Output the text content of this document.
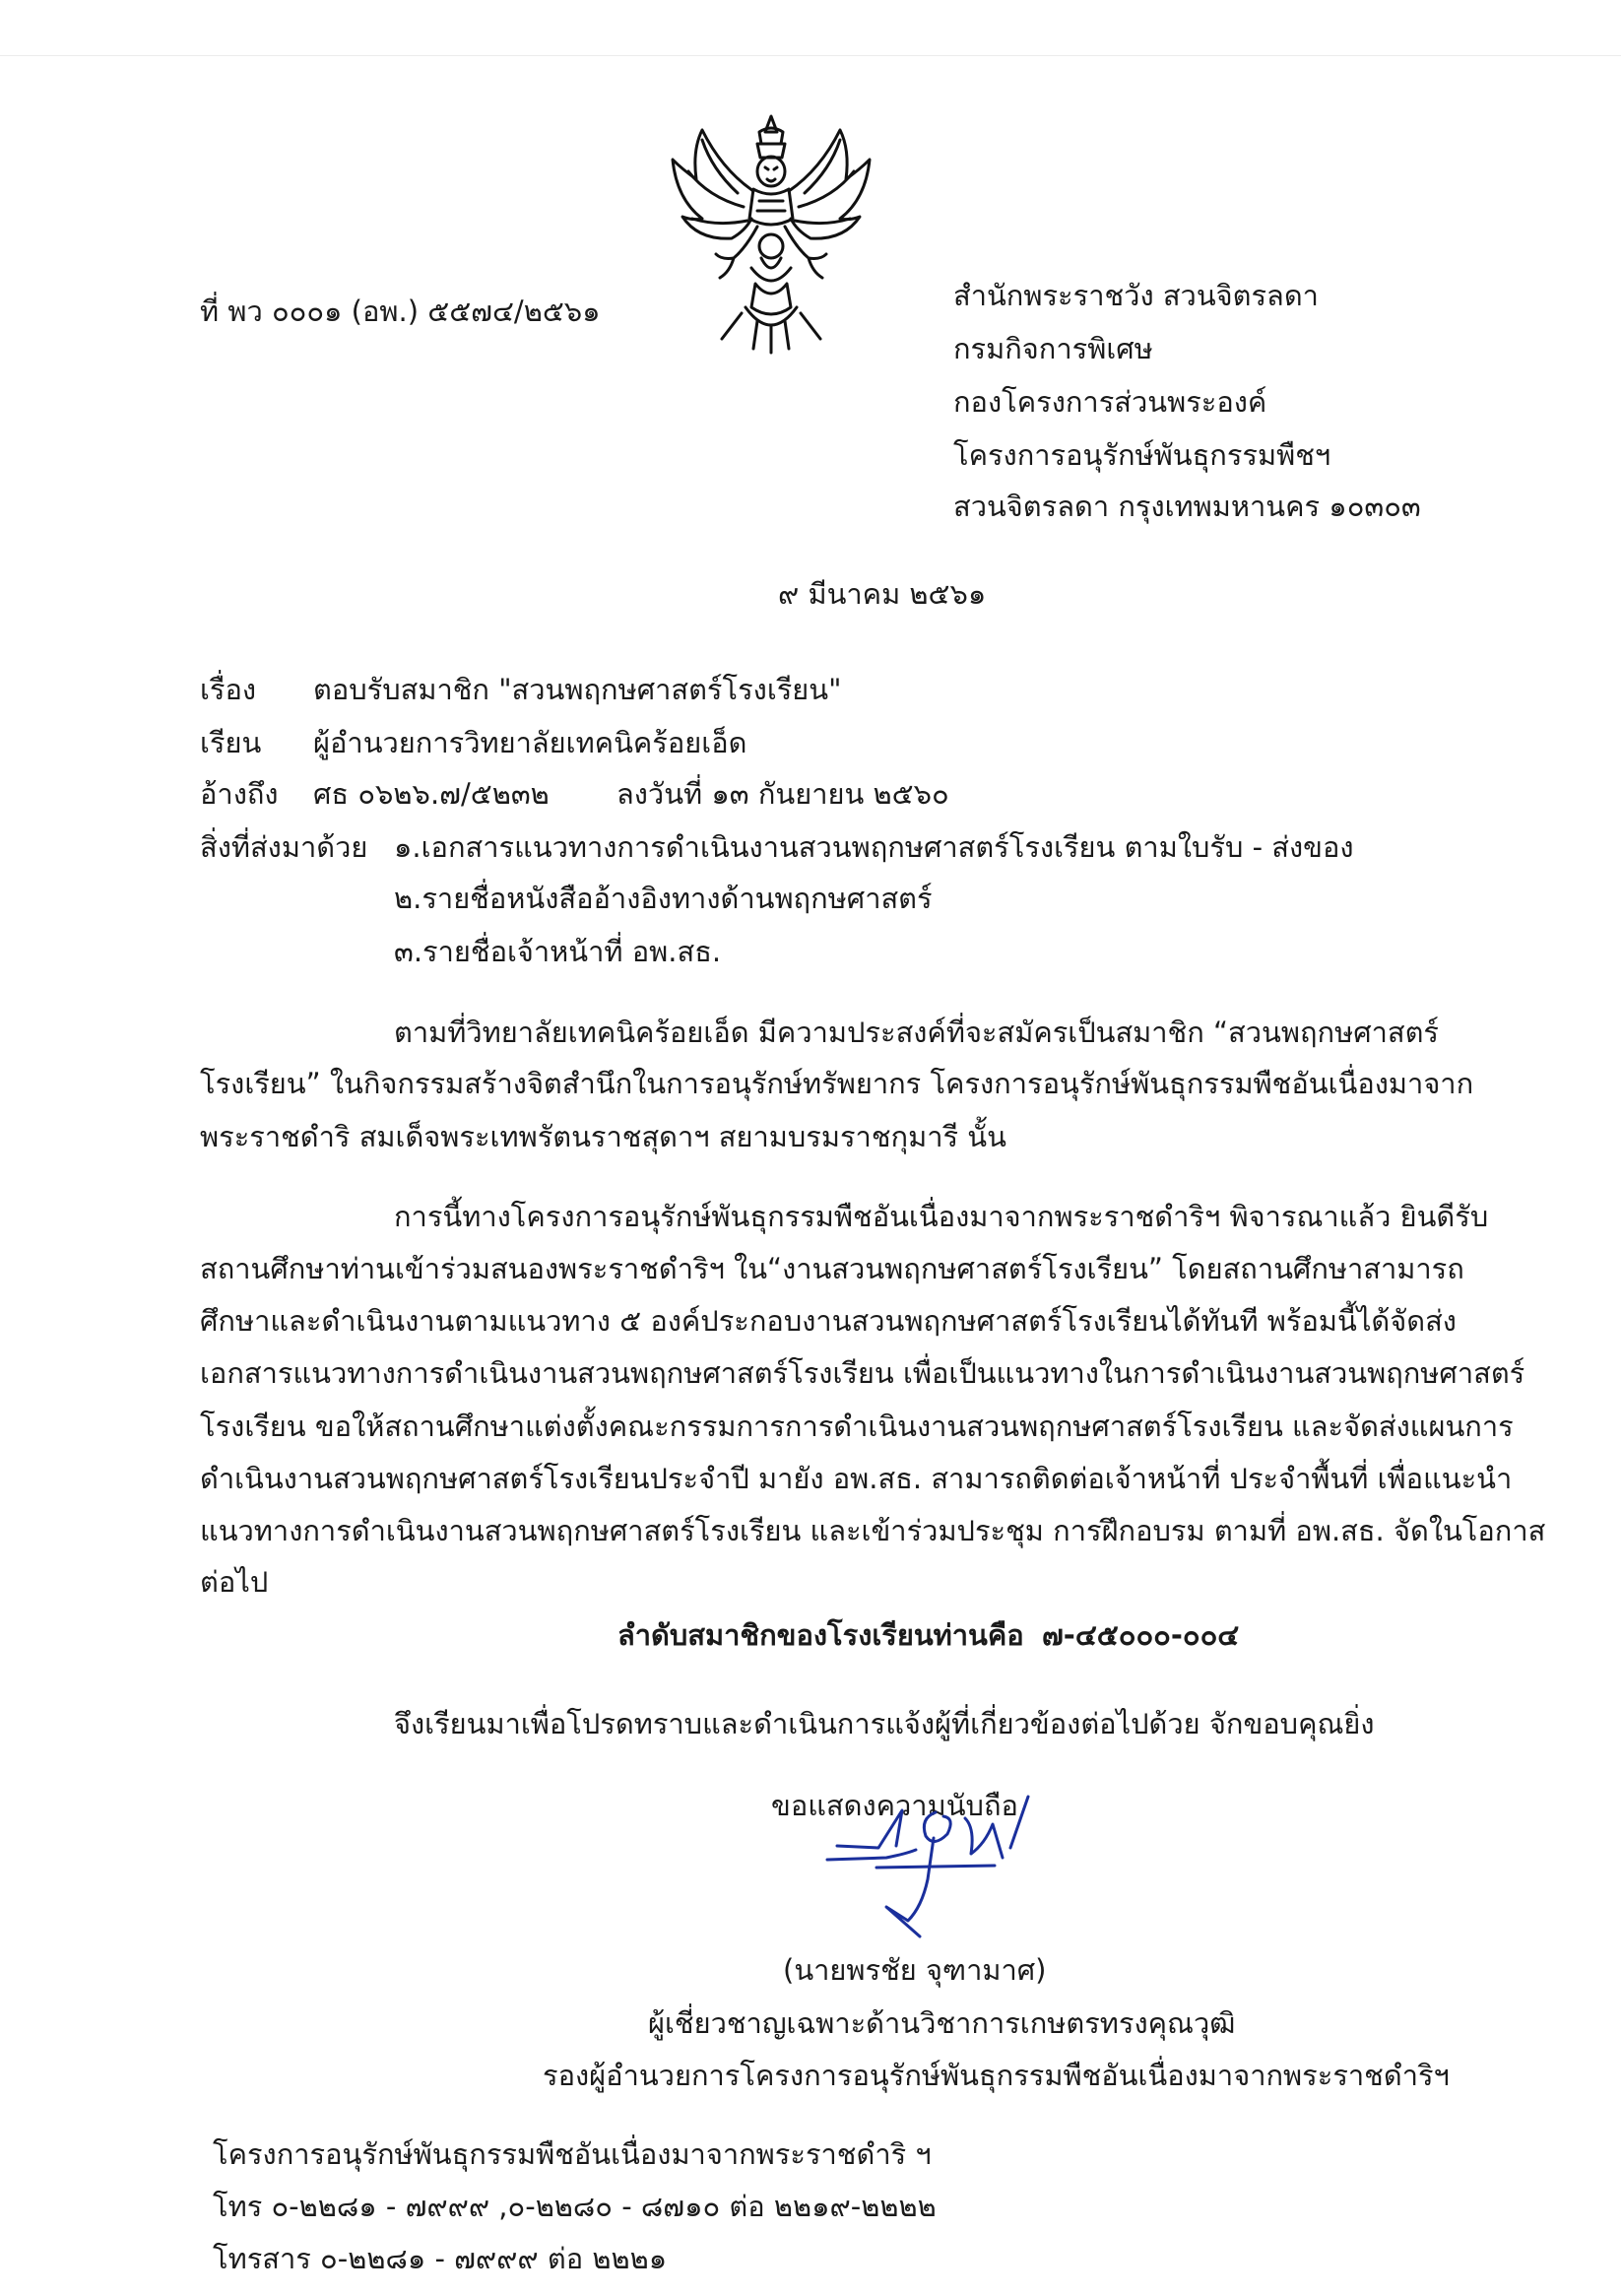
ที่ พว ๐๐๐๑ (อพ.) ๕๕๗๔/๒๕๖๑	สำนักพระราชวัง สวนจิตรลดา
กรมกิจการพิเศษ
กองโครงการส่วนพระองค์
โครงการอนุรักษ์พันธุกรรมพืชฯ
สวนจิตรลดา กรุงเทพมหานคร ๑๐๓๐๓
๙ มีนาคม ๒๕๖๑
เรื่อง ตอบรับสมาชิก "สวนพฤกษศาสตร์โรงเรียน"
เรียน ผู้อำนวยการวิทยาลัยเทคนิคร้อยเอ็ด
อ้างถึง ศธ ๐๖๒๖.๗/๕๒๓๒ ลงวันที่ ๑๓ กันยายน ๒๕๖๐
สิ่งที่ส่งมาด้วย ๑.เอกสารแนวทางการดำเนินงานสวนพฤกษศาสตร์โรงเรียน ตามใบรับ - ส่งของ
๒.รายชื่อหนังสืออ้างอิงทางด้านพฤกษศาสตร์
๓.รายชื่อเจ้าหน้าที่ อพ.สธ.
ตามที่วิทยาลัยเทคนิคร้อยเอ็ด มีความประสงค์ที่จะสมัครเป็นสมาชิก “สวนพฤกษศาสตร์
โรงเรียน” ในกิจกรรมสร้างจิตสำนึกในการอนุรักษ์ทรัพยากร โครงการอนุรักษ์พันธุกรรมพืชอันเนื่องมาจาก
พระราชดำริ สมเด็จพระเทพรัตนราชสุดาฯ สยามบรมราชกุมารี นั้น
การนี้ทางโครงการอนุรักษ์พันธุกรรมพืชอันเนื่องมาจากพระราชดำริฯ พิจารณาแล้ว ยินดีรับ
สถานศึกษาท่านเข้าร่วมสนองพระราชดำริฯ ใน“งานสวนพฤกษศาสตร์โรงเรียน” โดยสถานศึกษาสามารถ
ศึกษาและดำเนินงานตามแนวทาง ๕ องค์ประกอบงานสวนพฤกษศาสตร์โรงเรียนได้ทันที พร้อมนี้ได้จัดส่ง
เอกสารแนวทางการดำเนินงานสวนพฤกษศาสตร์โรงเรียน เพื่อเป็นแนวทางในการดำเนินงานสวนพฤกษศาสตร์
โรงเรียน ขอให้สถานศึกษาแต่งตั้งคณะกรรมการการดำเนินงานสวนพฤกษศาสตร์โรงเรียน และจัดส่งแผนการ
ดำเนินงานสวนพฤกษศาสตร์โรงเรียนประจำปี มายัง อพ.สธ. สามารถติดต่อเจ้าหน้าที่ ประจำพื้นที่ เพื่อแนะนำ
แนวทางการดำเนินงานสวนพฤกษศาสตร์โรงเรียน และเข้าร่วมประชุม การฝึกอบรม ตามที่ อพ.สธ. จัดในโอกาส
ต่อไป
ลำดับสมาชิกของโรงเรียนท่านคือ ๗-๔๕๐๐๐-๐๐๔
จึงเรียนมาเพื่อโปรดทราบและดำเนินการแจ้งผู้ที่เกี่ยวข้องต่อไปด้วย จักขอบคุณยิ่ง
ขอแสดงความนับถือ
(นายพรชัย จุฑามาศ)
ผู้เชี่ยวชาญเฉพาะด้านวิชาการเกษตรทรงคุณวุฒิ
รองผู้อำนวยการโครงการอนุรักษ์พันธุกรรมพืชอันเนื่องมาจากพระราชดำริฯ
โครงการอนุรักษ์พันธุกรรมพืชอันเนื่องมาจากพระราชดำริ ฯ
โทร ๐-๒๒๘๑ - ๗๙๙๙ ,๐-๒๒๘๐ - ๘๗๑๐ ต่อ ๒๒๑๙-๒๒๒๒
โทรสาร ๐-๒๒๘๑ - ๗๙๙๙ ต่อ ๒๒๒๑
